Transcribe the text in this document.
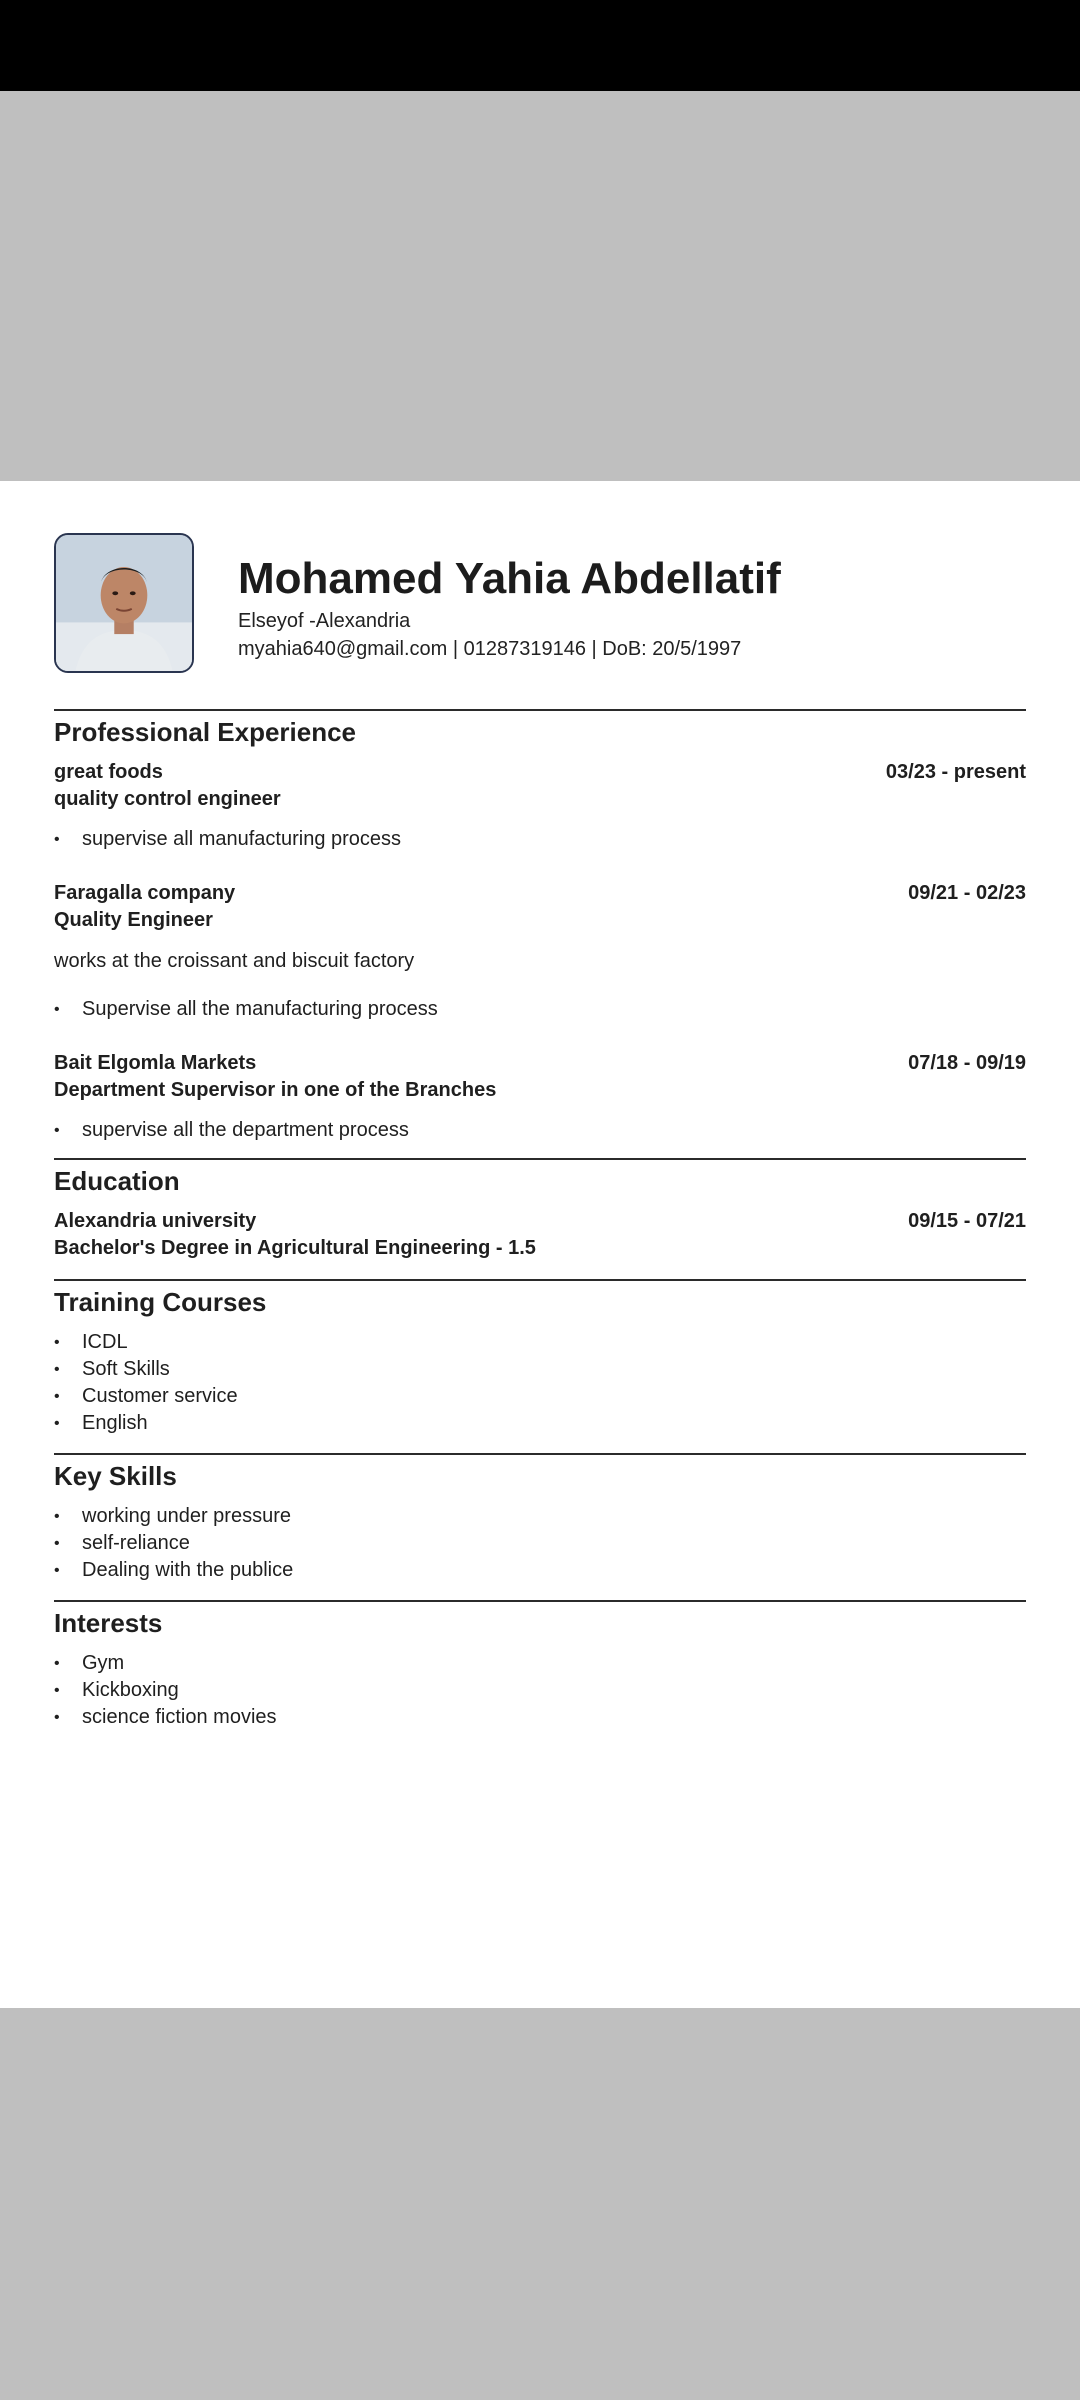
Mohamed Yahia Abdellatif
Elseyof -Alexandria
myahia640@gmail.com | 01287319146 | DoB: 20/5/1997
Professional Experience
great foods	03/23 - present
quality control engineer
• supervise all manufacturing process
Faragalla company	09/21 - 02/23
Quality Engineer
works at the croissant and biscuit factory
• Supervise all the manufacturing process
Bait Elgomla Markets	07/18 - 09/19
Department Supervisor in one of the Branches
• supervise all the department process
Education
Alexandria university	09/15 - 07/21
Bachelor's Degree in Agricultural Engineering - 1.5
Training Courses
• ICDL
• Soft Skills
• Customer service
• English
Key Skills
• working under pressure
• self-reliance
• Dealing with the publice
Interests
• Gym
• Kickboxing
• science fiction movies
